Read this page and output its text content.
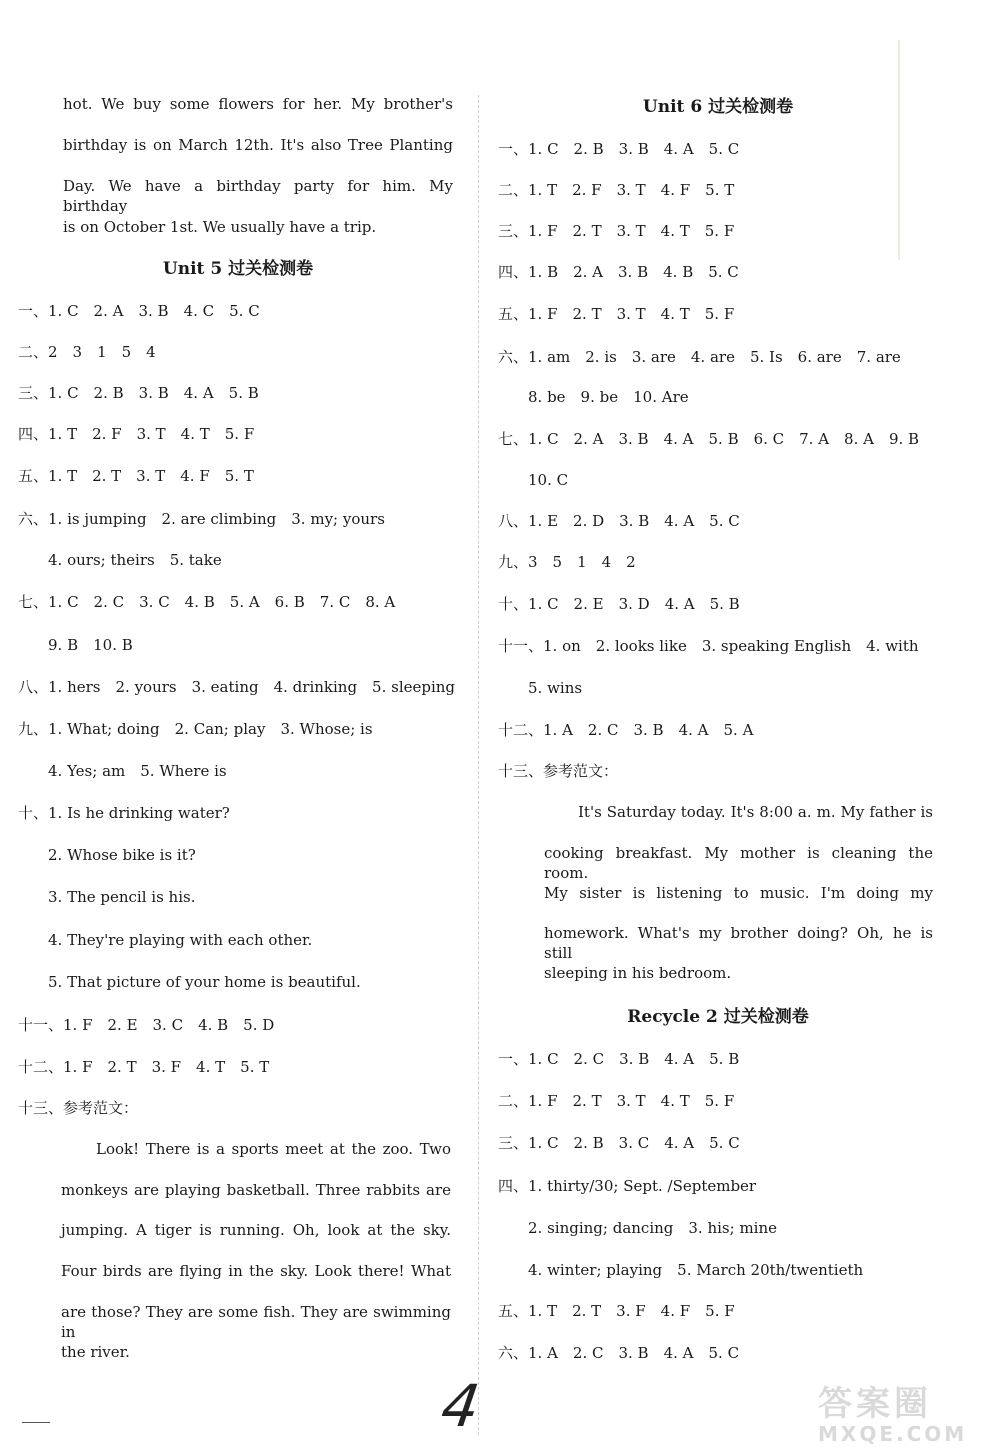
hot. We buy some flowers for her. My brother's
birthday is on March 12th. It's also Tree Planting
Day. We have a birthday party for him. My birthday
is on October 1st. We usually have a trip.
Unit 5 过关检测卷
一、1. C　2. A　3. B　4. C　5. C
二、2　3　1　5　4
三、1. C　2. B　3. B　4. A　5. B
四、1. T　2. F　3. T　4. T　5. F
五、1. T　2. T　3. T　4. F　5. T
六、1. is jumping　2. are climbing　3. my; yours
　　4. ours; theirs　5. take
七、1. C　2. C　3. C　4. B　5. A　6. B　7. C　8. A
　　9. B　10. B
八、1. hers　2. yours　3. eating　4. drinking　5. sleeping
九、1. What; doing　2. Can; play　3. Whose; is
　　4. Yes; am　5. Where is
十、1. Is he drinking water?
　　2. Whose bike is it?
　　3. The pencil is his.
　　4. They're playing with each other.
　　5. That picture of your home is beautiful.
十一、1. F　2. E　3. C　4. B　5. D
十二、1. F　2. T　3. F　4. T　5. T
十三、参考范文：
Look! There is a sports meet at the zoo. Two
monkeys are playing basketball. Three rabbits are
jumping. A tiger is running. Oh, look at the sky.
Four birds are flying in the sky. Look there! What
are those? They are some fish. They are swimming in
the river.
Unit 6 过关检测卷
一、1. C　2. B　3. B　4. A　5. C
二、1. T　2. F　3. T　4. F　5. T
三、1. F　2. T　3. T　4. T　5. F
四、1. B　2. A　3. B　4. B　5. C
五、1. F　2. T　3. T　4. T　5. F
六、1. am　2. is　3. are　4. are　5. Is　6. are　7. are
　　8. be　9. be　10. Are
七、1. C　2. A　3. B　4. A　5. B　6. C　7. A　8. A　9. B
　　10. C
八、1. E　2. D　3. B　4. A　5. C
九、3　5　1　4　2
十、1. C　2. E　3. D　4. A　5. B
十一、1. on　2. looks like　3. speaking English　4. with
　　5. wins
十二、1. A　2. C　3. B　4. A　5. A
十三、参考范文：
It's Saturday today. It's 8:00 a. m. My father is
cooking breakfast. My mother is cleaning the room.
My sister is listening to music. I'm doing my
homework. What's my brother doing? Oh, he is still
sleeping in his bedroom.
Recycle 2 过关检测卷
一、1. C　2. C　3. B　4. A　5. B
二、1. F　2. T　3. T　4. T　5. F
三、1. C　2. B　3. C　4. A　5. C
四、1. thirty/30; Sept. /September
　　2. singing; dancing　3. his; mine
　　4. winter; playing　5. March 20th/twentieth
五、1. T　2. T　3. F　4. F　5. F
六、1. A　2. C　3. B　4. A　5. C
4	答案圈
MXQE.COM
